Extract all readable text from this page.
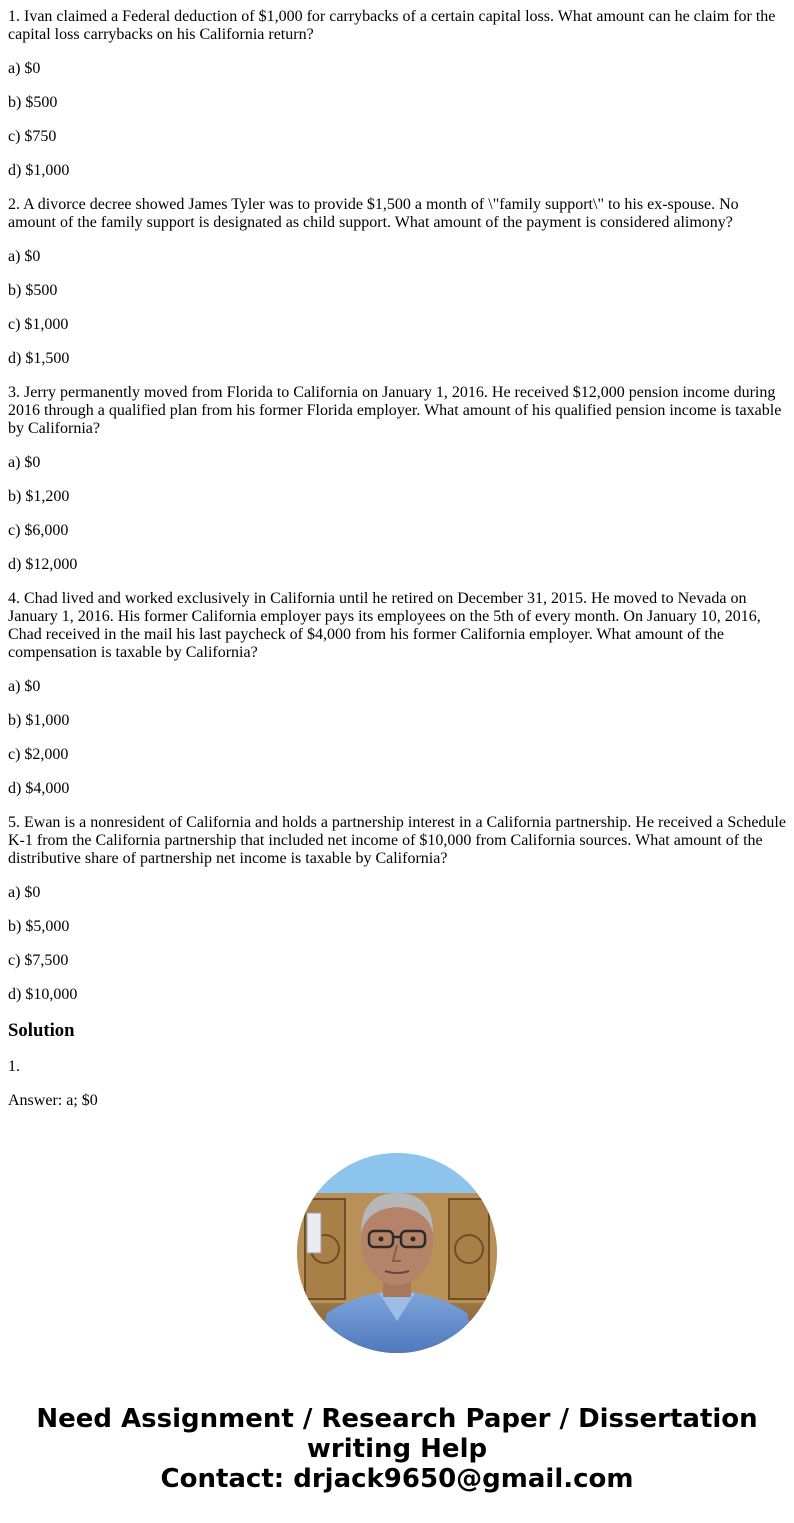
1. Ivan claimed a Federal deduction of $1,000 for carrybacks of a certain capital loss. What amount can he claim for the capital loss carrybacks on his California return?

a) $0

b) $500

c) $750

d) $1,000

2. A divorce decree showed James Tyler was to provide $1,500 a month of \"family support\" to his ex-spouse. No amount of the family support is designated as child support. What amount of the payment is considered alimony?

a) $0

b) $500

c) $1,000

d) $1,500

3. Jerry permanently moved from Florida to California on January 1, 2016. He received $12,000 pension income during 2016 through a qualified plan from his former Florida employer. What amount of his qualified pension income is taxable by California?

a) $0

b) $1,200

c) $6,000

d) $12,000

4. Chad lived and worked exclusively in California until he retired on December 31, 2015. He moved to Nevada on January 1, 2016. His former California employer pays its employees on the 5th of every month. On January 10, 2016, Chad received in the mail his last paycheck of $4,000 from his former California employer. What amount of the compensation is taxable by California?

a) $0

b) $1,000

c) $2,000

d) $4,000

5. Ewan is a nonresident of California and holds a partnership interest in a California partnership. He received a Schedule K-1 from the California partnership that included net income of $10,000 from California sources. What amount of the distributive share of partnership net income is taxable by California?

a) $0

b) $5,000

c) $7,500

d) $10,000

Solution

1.

Answer: a; $0

Need Assignment / Research Paper / Dissertation
writing Help
Contact: drjack9650@gmail.com
